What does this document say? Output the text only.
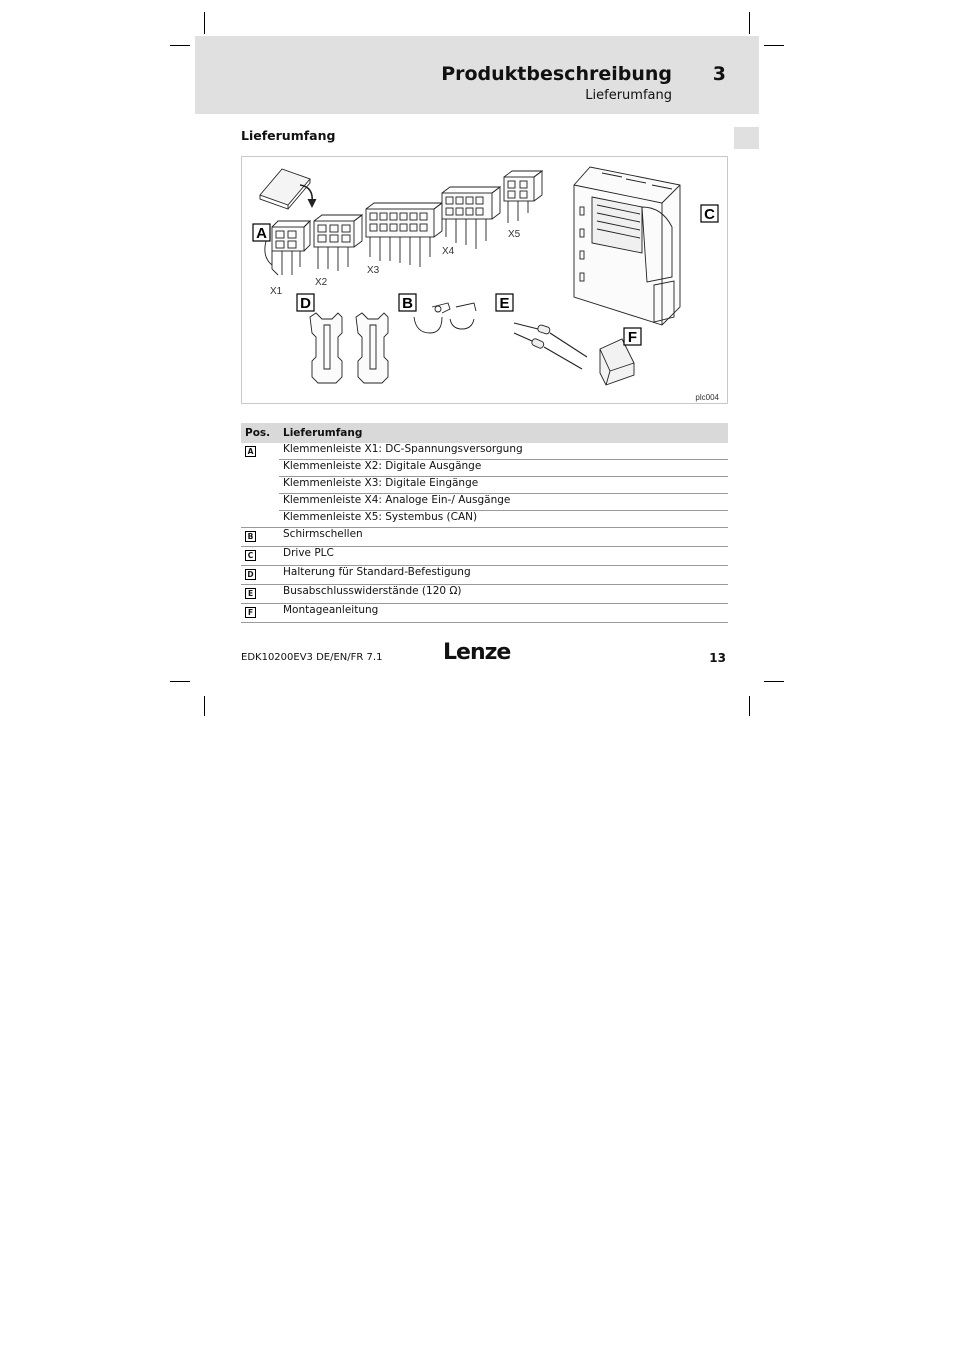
Produktbeschreibung	3
Lieferumfang
Lieferumfang
A
D	B	E
C
F
X1
X2
X3
X4
X5
plc004
Pos.	Lieferumfang
A	Klemmenleiste X1: DC-Spannungsversorgung
	Klemmenleiste X2: Digitale Ausgänge
	Klemmenleiste X3: Digitale Eingänge
	Klemmenleiste X4: Analoge Ein-/ Ausgänge
	Klemmenleiste X5: Systembus (CAN)
B	Schirmschellen
C	Drive PLC
D	Halterung für Standard-Befestigung
E	Busabschlusswiderstände (120 Ω)
F	Montageanleitung
EDK10200EV3 DE/EN/FR 7.1	Lenze	13
